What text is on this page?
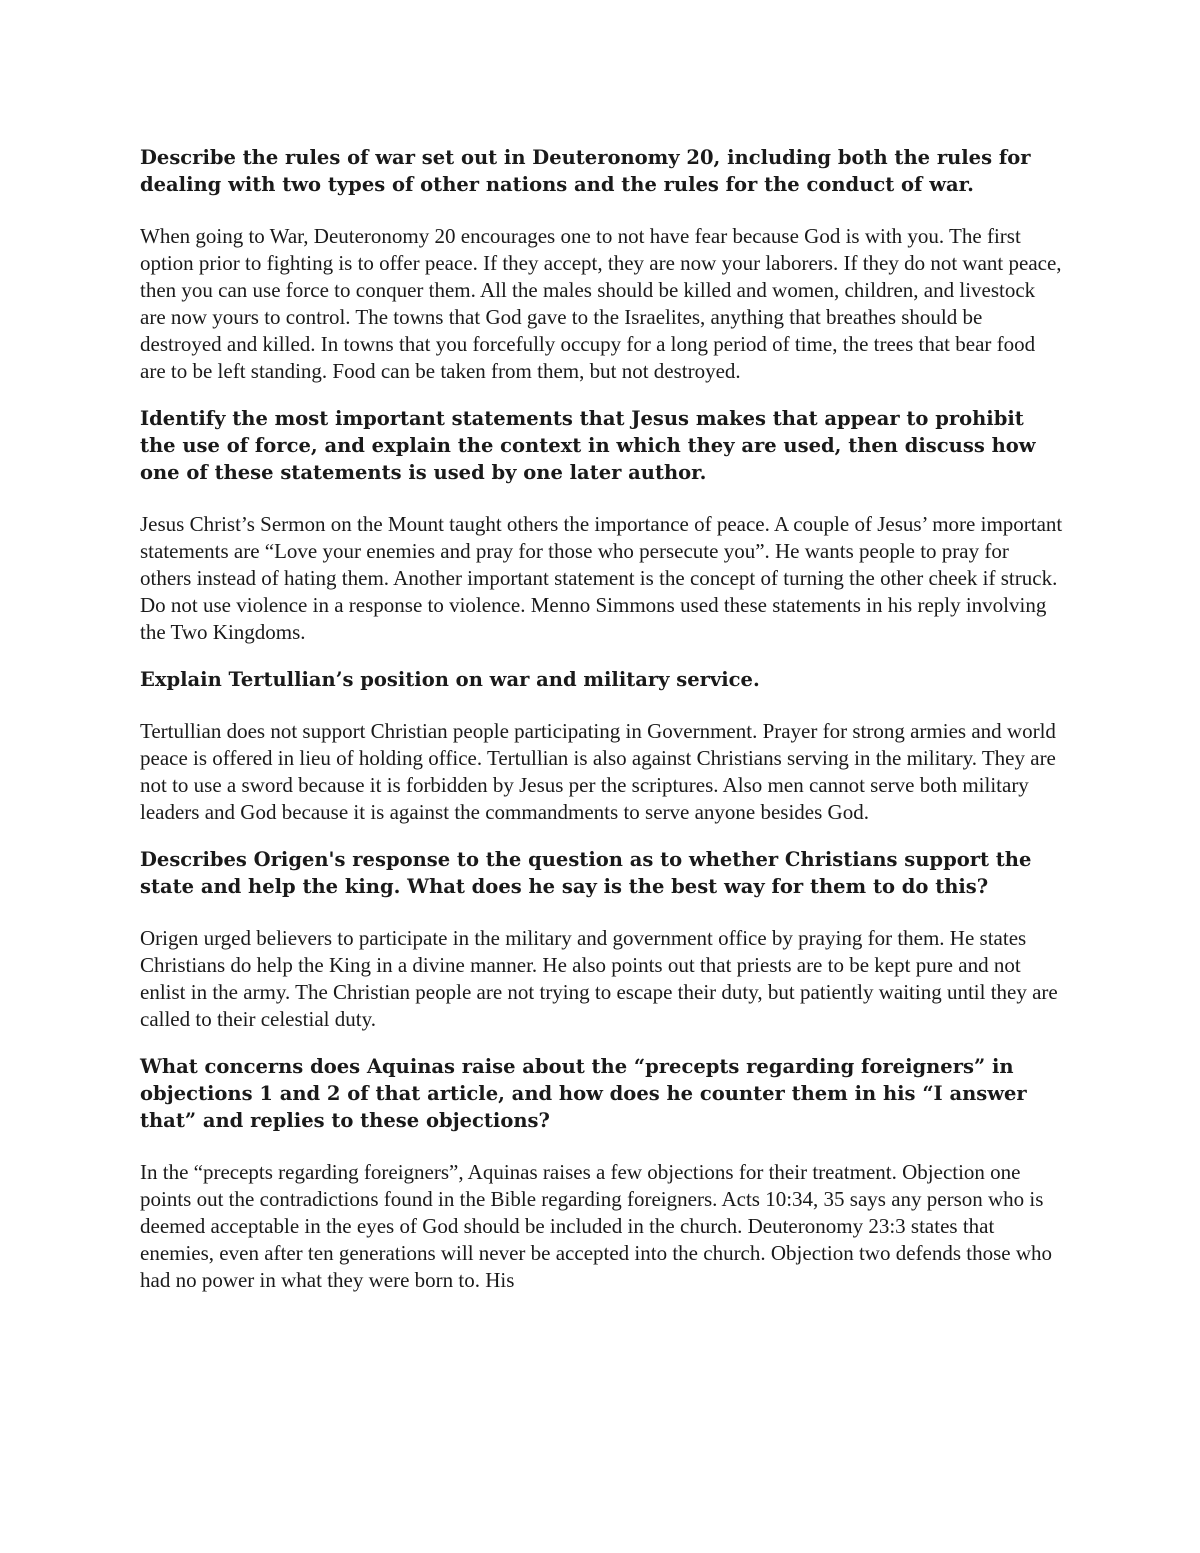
Describe the rules of war set out in Deuteronomy 20, including both the rules for dealing with two types of other nations and the rules for the conduct of war.

When going to War, Deuteronomy 20 encourages one to not have fear because God is with you. The first option prior to fighting is to offer peace. If they accept, they are now your laborers. If they do not want peace, then you can use force to conquer them. All the males should be killed and women, children, and livestock are now yours to control. The towns that God gave to the Israelites, anything that breathes should be destroyed and killed. In towns that you forcefully occupy for a long period of time, the trees that bear food are to be left standing. Food can be taken from them, but not destroyed.

Identify the most important statements that Jesus makes that appear to prohibit the use of force, and explain the context in which they are used, then discuss how one of these statements is used by one later author.

Jesus Christ’s Sermon on the Mount taught others the importance of peace. A couple of Jesus’ more important statements are “Love your enemies and pray for those who persecute you”. He wants people to pray for others instead of hating them. Another important statement is the concept of turning the other cheek if struck. Do not use violence in a response to violence. Menno Simmons used these statements in his reply involving the Two Kingdoms.

Explain Tertullian’s position on war and military service.

Tertullian does not support Christian people participating in Government. Prayer for strong armies and world peace is offered in lieu of holding office. Tertullian is also against Christians serving in the military. They are not to use a sword because it is forbidden by Jesus per the scriptures. Also men cannot serve both military leaders and God because it is against the commandments to serve anyone besides God.

Describes Origen's response to the question as to whether Christians support the state and help the king. What does he say is the best way for them to do this?

Origen urged believers to participate in the military and government office by praying for them. He states Christians do help the King in a divine manner. He also points out that priests are to be kept pure and not enlist in the army. The Christian people are not trying to escape their duty, but patiently waiting until they are called to their celestial duty.

What concerns does Aquinas raise about the “precepts regarding foreigners” in objections 1 and 2 of that article, and how does he counter them in his “I answer that” and replies to these objections?

In the “precepts regarding foreigners”, Aquinas raises a few objections for their treatment. Objection one points out the contradictions found in the Bible regarding foreigners. Acts 10:34, 35 says any person who is deemed acceptable in the eyes of God should be included in the church. Deuteronomy 23:3 states that enemies, even after ten generations will never be accepted into the church. Objection two defends those who had no power in what they were born to. His
